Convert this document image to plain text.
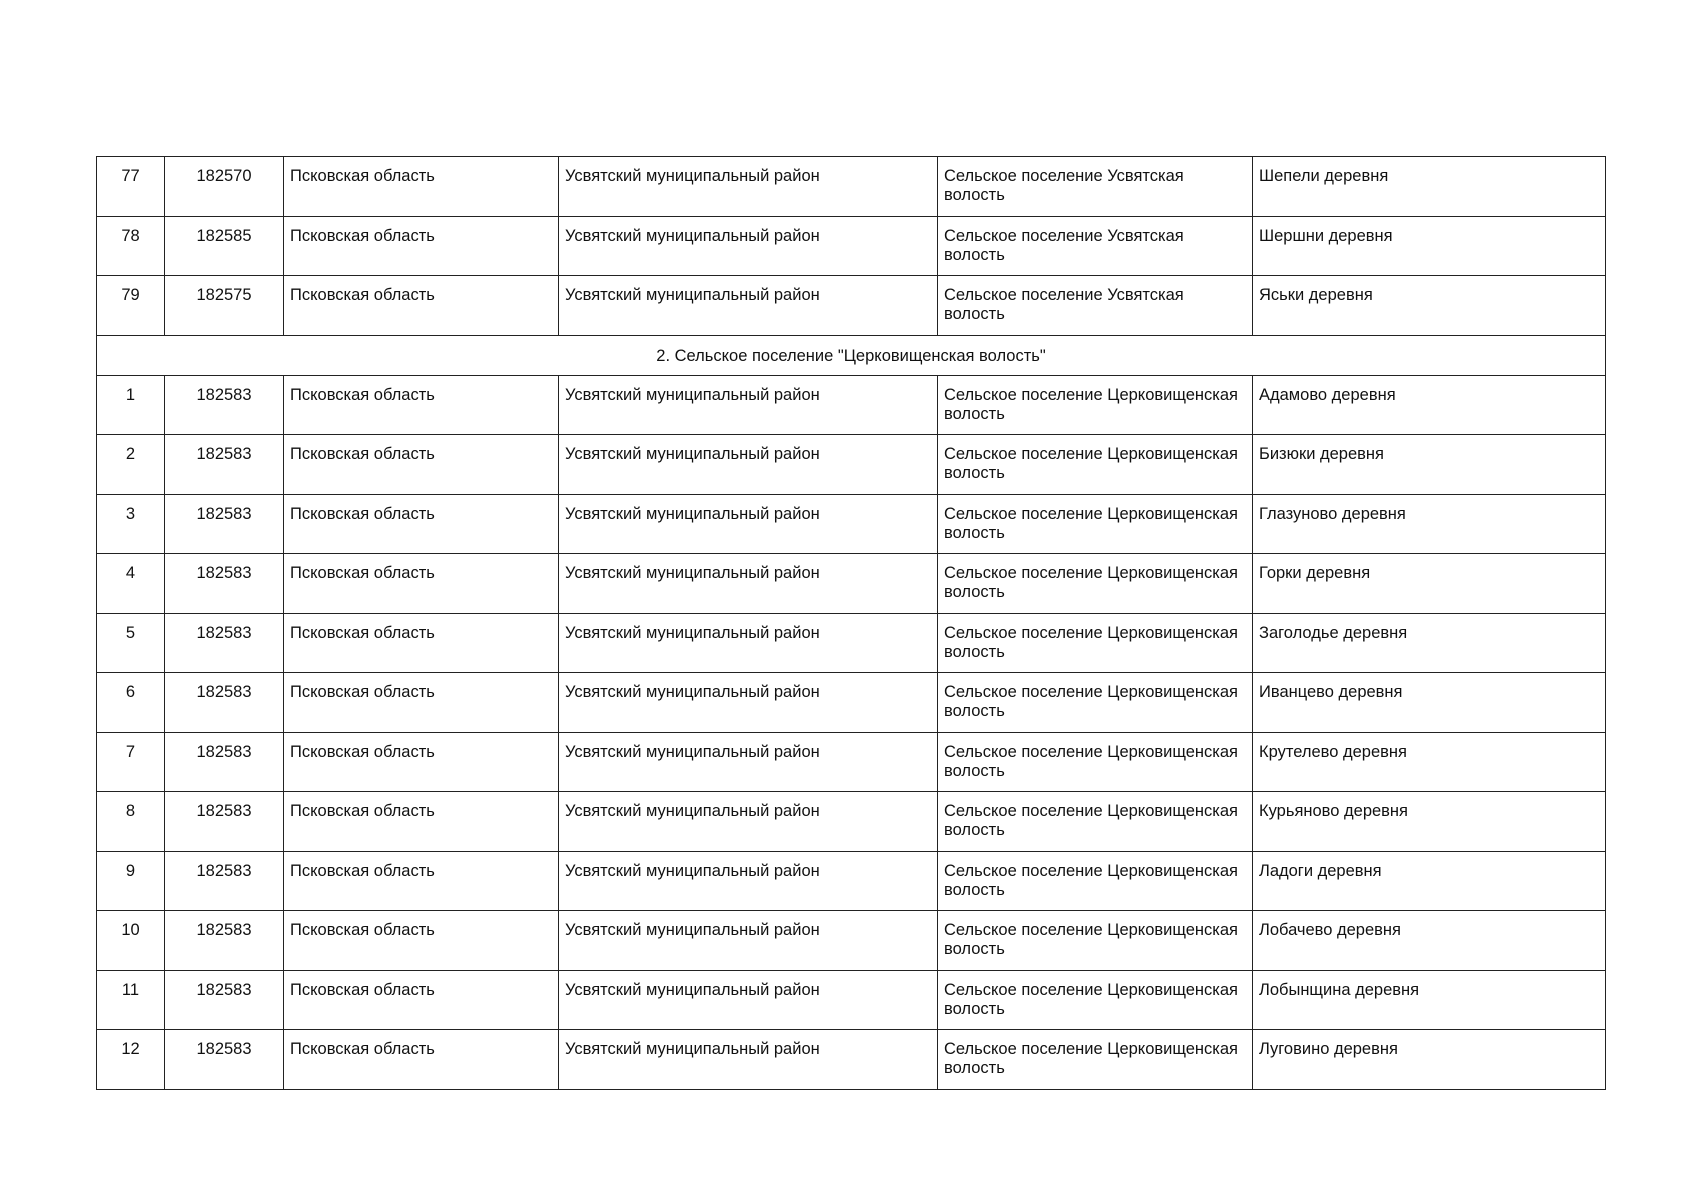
77	182570	Псковская область	Усвятский муниципальный район	Сельское поселение Усвятская волость	Шепели деревня
78	182585	Псковская область	Усвятский муниципальный район	Сельское поселение Усвятская волость	Шершни деревня
79	182575	Псковская область	Усвятский муниципальный район	Сельское поселение Усвятская волость	Яськи деревня
2. Сельское поселение "Церковищенская волость"					
1	182583	Псковская область	Усвятский муниципальный район	Сельское поселение Церковищенская волость	Адамово деревня
2	182583	Псковская область	Усвятский муниципальный район	Сельское поселение Церковищенская волость	Бизюки деревня
3	182583	Псковская область	Усвятский муниципальный район	Сельское поселение Церковищенская волость	Глазуново деревня
4	182583	Псковская область	Усвятский муниципальный район	Сельское поселение Церковищенская волость	Горки деревня
5	182583	Псковская область	Усвятский муниципальный район	Сельское поселение Церковищенская волость	Заголодье деревня
6	182583	Псковская область	Усвятский муниципальный район	Сельское поселение Церковищенская волость	Иванцево деревня
7	182583	Псковская область	Усвятский муниципальный район	Сельское поселение Церковищенская волость	Крутелево деревня
8	182583	Псковская область	Усвятский муниципальный район	Сельское поселение Церковищенская волость	Курьяново деревня
9	182583	Псковская область	Усвятский муниципальный район	Сельское поселение Церковищенская волость	Ладоги деревня
10	182583	Псковская область	Усвятский муниципальный район	Сельское поселение Церковищенская волость	Лобачево деревня
11	182583	Псковская область	Усвятский муниципальный район	Сельское поселение Церковищенская волость	Лобынщина деревня
12	182583	Псковская область	Усвятский муниципальный район	Сельское поселение Церковищенская волость	Луговино деревня
